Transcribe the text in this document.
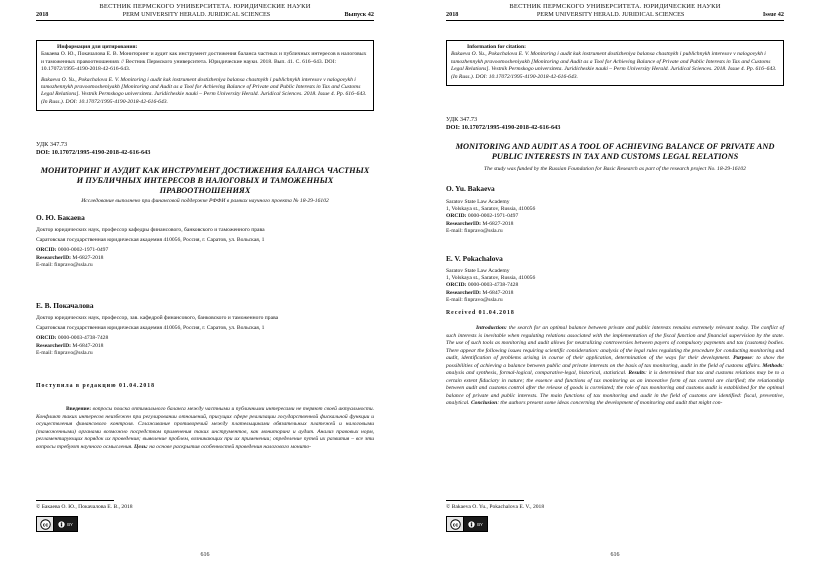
ВЕСТНИК ПЕРМСКОГО УНИВЕРСИТЕТА. ЮРИДИЧЕСКИЕ НАУКИ
2018	PERM UNIVERSITY HERALD. JURIDICAL SCIENCES	Выпуск 42
Информация для цитирования:

Бакаева О. Ю., Покачалова Е. В. Мониторинг и аудит как инструмент достижения баланса частных и публичных интересов в налоговых и таможенных правоотношениях // Вестник Пермского университета. Юридические науки. 2018. Вып. 41. C. 616–643. DOI: 10.17072/1995-4190-2018-42-616-643.

Bakaeva O. Yu., Pokachalova E. V. Monitoring i audit kak instrument dostizheniya balansa chastnykh i publichnykh interesov v nalogovykh i tamozhennykh pravootnosheniyakh [Monitoring and Audit as a Tool for Achieving Balance of Private and Public Interests in Tax and Customs Legal Relations]. Vestnik Permskogo universiteta. Juridicheskie nauki – Perm University Herald. Juridical Sciences. 2018. Issue 4. Pp. 616–643. (In Russ.). DOI: 10.17072/1995-4190-2018-42-616-643.

УДК 347.73
DOI: 10.17072/1995-4190-2018-42-616-643
МОНИТОРИНГ И АУДИТ КАК ИНСТРУМЕНТ ДОСТИЖЕНИЯ БАЛАНСА ЧАСТНЫХ И ПУБЛИЧНЫХ ИНТЕРЕСОВ В НАЛОГОВЫХ И ТАМОЖЕННЫХ ПРАВООТНОШЕНИЯХ
Исследование выполнено при финансовой поддержке РФФИ в рамках научного проекта № 18-29-16102
О. Ю. Бакаева

Доктор юридических наук, профессор кафедры финансового, банковского и таможенного права

Саратовская государственная юридическая академия 410056, Россия, г. Саратов, ул. Вольская, 1

ORCID: 0000-0002-1971-0497
ResearcherID: M-6827-2018
E-mail: finpravo@ssla.ru

Е. В. Покачалова

Доктор юридических наук, профессор, зав. кафедрой финансового, банковского и таможенного права

Саратовская государственная юридическая академия 410056, Россия, г. Саратов, ул. Вольская, 1

ORCID: 0000-0003-4738-7428
ResearcherID: M-6847-2018
E-mail: finpravo@ssla.ru

Поступила в редакцию 01.04.2018
Введение: вопросы поиска оптимального баланса между частными и публичными интересами не теряют своей актуальности. Конфликт таких интересов неизбежен при регулировании отношений, присущих сфере реализации государственной фискальной функции и осуществления финансового контроля. Сглаживание противоречий между плательщиками обязательных платежей и налоговыми (таможенными) органами возможно посредством применения таких инструментов, как мониторинг и аудит. Анализ правовых норм, регламентирующих порядок их проведения; выявление проблем, возникающих при их применении; определение путей их развития – все эти вопросы требуют научного осмысления. Цель: на основе раскрытия особенностей проведения налогового монито-
© Бакаева О. Ю., Покачалова Е. В., 2018
cc	BY
616
ВЕСТНИК ПЕРМСКОГО УНИВЕРСИТЕТА. ЮРИДИЧЕСКИЕ НАУКИ
2018	PERM UNIVERSITY HERALD. JURIDICAL SCIENCES	Issue 42
Information for citation:

Bakaeva O. Yu., Pokachalova E. V. Monitoring i audit kak instrument dostizheniya balansa chastnykh i publichnykh interesov v nalogovykh i tamozhennykh pravootnosheniyakh [Monitoring and Audit as a Tool for Achieving Balance of Private and Public Interests in Tax and Customs Legal Relations]. Vestnik Permskogo universiteta. Juridicheskie nauki – Perm University Herald. Juridical Sciences. 2018. Issue 4. Pp. 616–643. (In Russ.). DOI: 10.17072/1995-4190-2018-42-616-643.

УДК 347.73
DOI: 10.17072/1995-4190-2018-42-616-643
MONITORING AND AUDIT AS A TOOL OF ACHIEVING BALANCE OF PRIVATE AND PUBLIC INTERESTS IN TAX AND CUSTOMS LEGAL RELATIONS
The study was funded by the Russian Foundation for Basic Research as part of the research project No. 18-29-16102
O. Yu. Bakaeva

Saratov State Law Academy
1, Volskaya st., Saratov, Russia, 410056
ORCID: 0000-0002-1971-0497
ResearcherID: M-6827-2018
E-mail: finpravo@ssla.ru

E. V. Pokachalova

Saratov State Law Academy
1, Volskaya st., Saratov, Russia, 410056
ORCID: 0000-0003-4738-7428
ResearcherID: M-6847-2018
E-mail: finpravo@ssla.ru

Received 01.04.2018
Introduction: the search for an optimal balance between private and public interests remains extremely relevant today. The conflict of such interests is inevitable when regulating relations associated with the implementation of the fiscal function and financial supervision by the state. The use of such tools as monitoring and audit allows for neutralizing controversies between payers of compulsory payments and tax (customs) bodies. There appear the following issues requiring scientific consideration: analysis of the legal rules regulating the procedure for conducting monitoring and audit, identification of problems arising in course of their application, determination of the ways for their development. Purpose: to show the possibilities of achieving a balance between public and private interests on the basis of tax monitoring, audit in the field of customs affairs. Methods: analysis and synthesis, formal-logical, comparative-legal, historical, statistical. Results: it is determined that tax and customs relations may be to a certain extent fiduciary in nature; the essence and functions of tax monitoring as an innovative form of tax control are clarified; the relationship between audit and customs control after the release of goods is correlated; the role of tax monitoring and customs audit is established for the optimal balance of private and public interests. The main functions of tax monitoring and audit in the field of customs are identified: fiscal, preventive, analytical. Conclusion: the authors present some ideas concerning the development of monitoring and audit that might con-
© Bakaeva O. Yu., Pokachalova E. V., 2018
cc	BY
616
